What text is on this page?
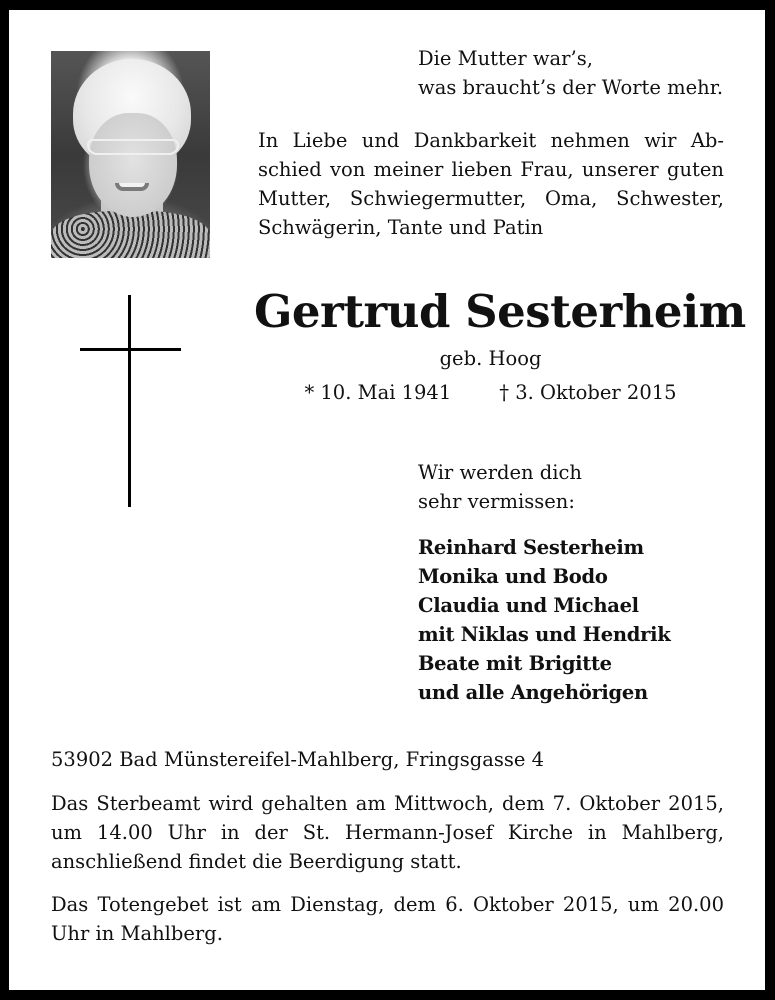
Die Mutter war’s,
was braucht’s der Worte mehr.
In Liebe und Dankbarkeit nehmen wir Abschied von meiner lieben Frau, unserer guten Mutter, Schwiegermutter, Oma, Schwester, Schwägerin, Tante und Patin
Gertrud Sesterheim
geb. Hoog
* 10. Mai 1941 † 3. Oktober 2015
Wir werden dich
sehr vermissen:
Reinhard Sesterheim
Monika und Bodo
Claudia und Michael
mit Niklas und Hendrik
Beate mit Brigitte
und alle Angehörigen
53902 Bad Münstereifel-Mahlberg, Fringsgasse 4
Das Sterbeamt wird gehalten am Mittwoch, dem 7. Oktober 2015, um 14.00 Uhr in der St. Hermann-Josef Kirche in Mahlberg, anschließend findet die Beerdigung statt.
Das Totengebet ist am Dienstag, dem 6. Oktober 2015, um 20.00 Uhr in Mahlberg.
